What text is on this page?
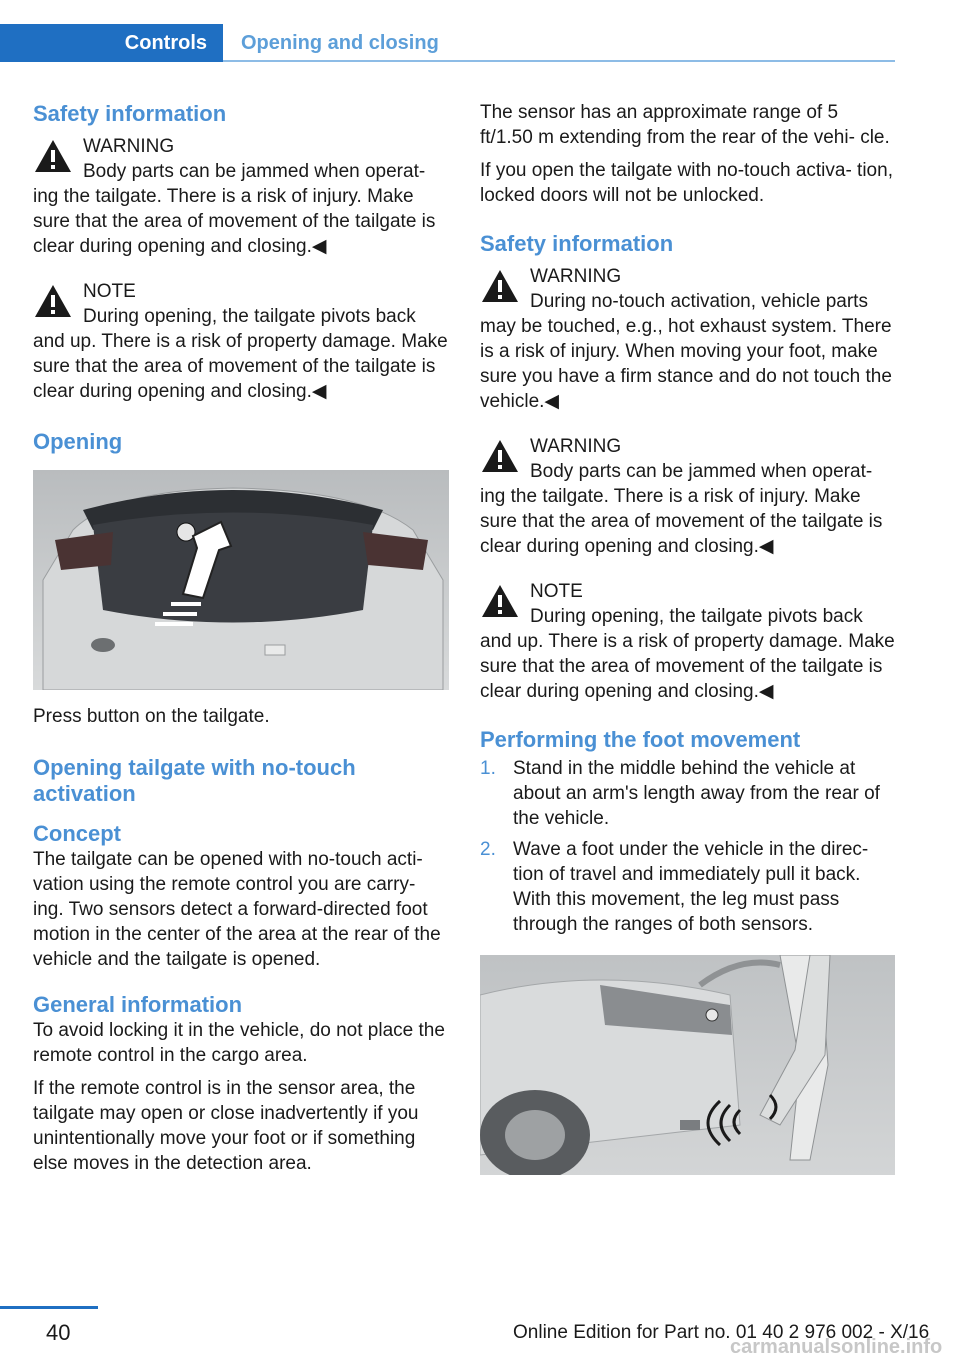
Controls	Opening and closing
Safety information
WARNING

Body parts can be jammed when operat‐

ing the tailgate. There is a risk of injury. Make sure that the area of movement of the tailgate is clear during opening and closing.◀

NOTE

During opening, the tailgate pivots back

and up. There is a risk of property damage. Make sure that the area of movement of the tailgate is clear during opening and closing.◀

Opening

Press button on the tailgate.

Opening tailgate with no-touch activation
Concept

The tailgate can be opened with no-touch acti‐ vation using the remote control you are carry‐ ing. Two sensors detect a forward-directed foot motion in the center of the area at the rear of the vehicle and the tailgate is opened.

General information

To avoid locking it in the vehicle, do not place the remote control in the cargo area.

If the remote control is in the sensor area, the tailgate may open or close inadvertently if you unintentionally move your foot or if something else moves in the detection area.

The sensor has an approximate range of 5 ft/1.50 m extending from the rear of the vehi‐ cle.

If you open the tailgate with no-touch activa‐ tion, locked doors will not be unlocked.

Safety information
WARNING

During no-touch activation, vehicle parts

may be touched, e.g., hot exhaust system. There is a risk of injury. When moving your foot, make sure you have a firm stance and do not touch the vehicle.◀

WARNING

Body parts can be jammed when operat‐

ing the tailgate. There is a risk of injury. Make sure that the area of movement of the tailgate is clear during opening and closing.◀

NOTE

During opening, the tailgate pivots back

and up. There is a risk of property damage. Make sure that the area of movement of the tailgate is clear during opening and closing.◀

Performing the foot movement
1. Stand in the middle behind the vehicle at about an arm's length away from the rear of the vehicle.
2. Wave a foot under the vehicle in the direc‐ tion of travel and immediately pull it back. With this movement, the leg must pass through the ranges of both sensors.
40	Online Edition for Part no. 01 40 2 976 002 - X/16
carmanualsonline.info
